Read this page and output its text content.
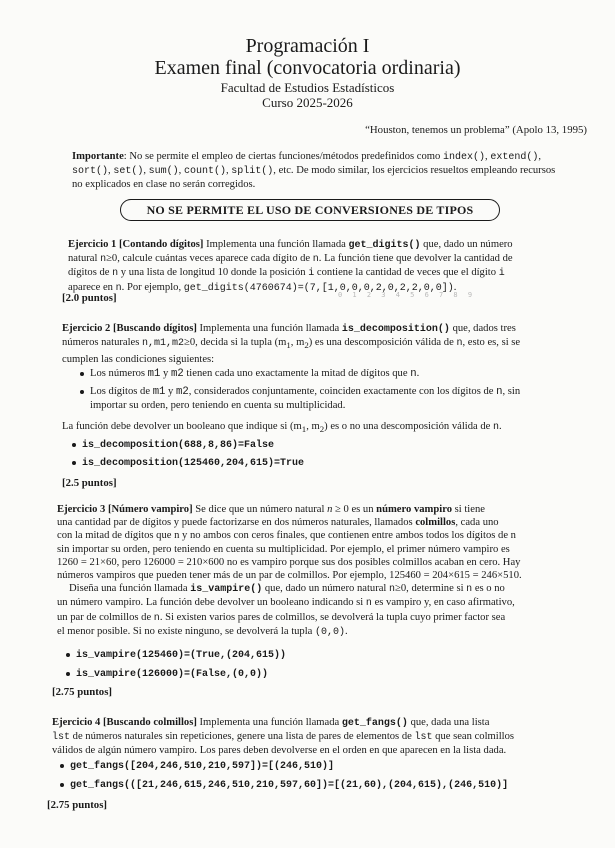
Programación I
Examen final (convocatoria ordinaria)
Facultad de Estudios Estadísticos
Curso 2025-2026
“Houston, tenemos un problema” (Apolo 13, 1995)
Importante: No se permite el empleo de ciertas funciones/métodos predefinidos como index(), extend(),
sort(), set(), sum(), count(), split(), etc. De modo similar, los ejercicios resueltos empleando recursos
no explicados en clase no serán corregidos.
NO SE PERMITE EL USO DE CONVERSIONES DE TIPOS
Ejercicio 1 [Contando dígitos] Implementa una función llamada get_digits() que, dado un número
natural n≥0, calcule cuántas veces aparece cada dígito de n. La función tiene que devolver la cantidad de
dígitos de n y una lista de longitud 10 donde la posición i contiene la cantidad de veces que el dígito i
aparece en n. Por ejemplo, get_digits(4760674)=(7,[1,0,0,0,2,0,2,2,0,0]).
0 1 2 3 4 5 6 7 8 9
[2.0 puntos]
Ejercicio 2 [Buscando dígitos] Implementa una función llamada is_decomposition() que, dados tres
números naturales n,m1,m2≥0, decida si la tupla ($m_1$, $m_2$) es una descomposición válida de n, esto es, si se
cumplen las condiciones siguientes:
Los números m1 y m2 tienen cada uno exactamente la mitad de dígitos que n.
Los dígitos de m1 y m2, considerados conjuntamente, coinciden exactamente con los dígitos de n, sin
importar su orden, pero teniendo en cuenta su multiplicidad.
La función debe devolver un booleano que indique si ($m_1$, $m_2$) es o no una descomposición válida de n.
is_decomposition(688,8,86)=False
is_decomposition(125460,204,615)=True
[2.5 puntos]
Ejercicio 3 [Número vampiro] Se dice que un número natural n ≥ 0 es un número vampiro si tiene
una cantidad par de dígitos y puede factorizarse en dos números naturales, llamados colmillos, cada uno
con la mitad de dígitos que n y no ambos con ceros finales, que contienen entre ambos todos los dígitos de n
sin importar su orden, pero teniendo en cuenta su multiplicidad. Por ejemplo, el primer número vampiro es
1260 = 21×60, pero 126000 = 210×600 no es vampiro porque sus dos posibles colmillos acaban en cero. Hay
números vampiros que pueden tener más de un par de colmillos. Por ejemplo, 125460 = 204×615 = 246×510.
Diseña una función llamada is_vampire() que, dado un número natural n≥0, determine si n es o no
un número vampiro. La función debe devolver un booleano indicando si n es vampiro y, en caso afirmativo,
un par de colmillos de n. Si existen varios pares de colmillos, se devolverá la tupla cuyo primer factor sea
el menor posible. Si no existe ninguno, se devolverá la tupla (0,0).
is_vampire(125460)=(True,(204,615))
is_vampire(126000)=(False,(0,0))
[2.75 puntos]
Ejercicio 4 [Buscando colmillos] Implementa una función llamada get_fangs() que, dada una lista
lst de números naturales sin repeticiones, genere una lista de pares de elementos de lst que sean colmillos
válidos de algún número vampiro. Los pares deben devolverse en el orden en que aparecen en la lista dada.
get_fangs([204,246,510,210,597])=[(246,510)]
get_fangs(([21,246,615,246,510,210,597,60])=[(21,60),(204,615),(246,510)]
[2.75 puntos]
